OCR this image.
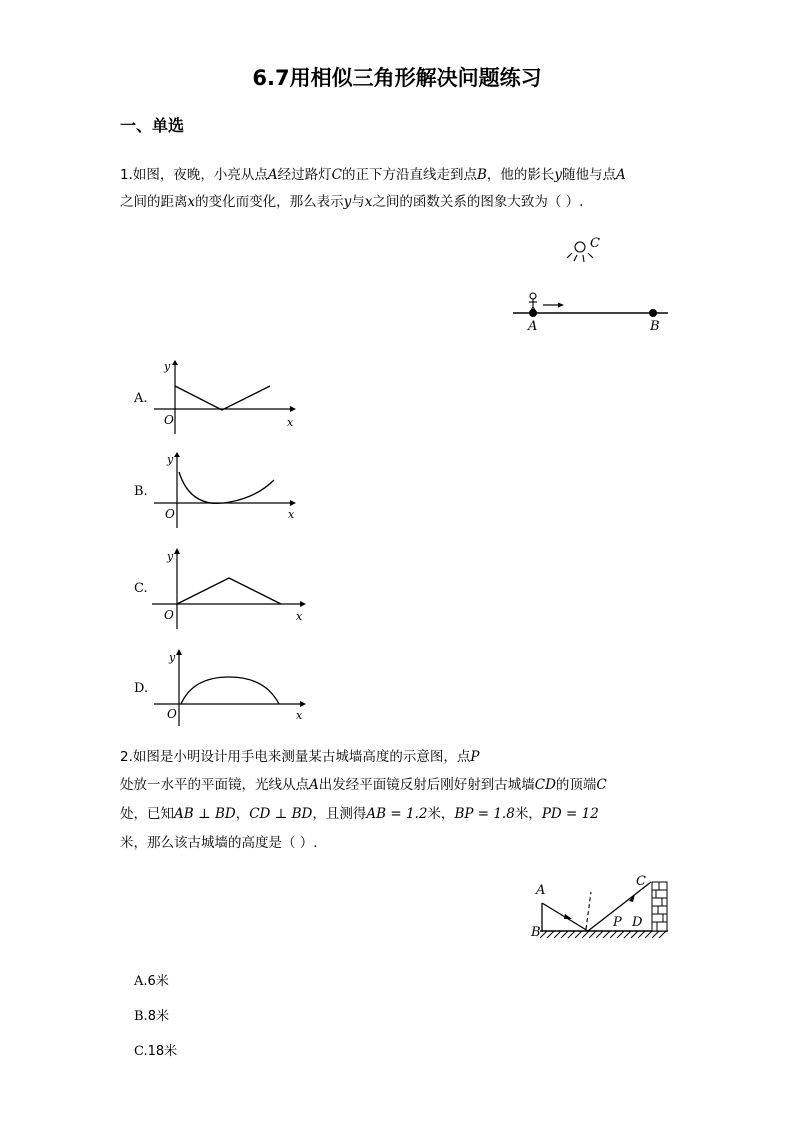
6.7用相似三角形解决问题练习
一、单选
1.如图，夜晚，小亮从点A经过路灯C的正下方沿直线走到点B，他的影长y随他与点A
之间的距离x的变化而变化，那么表示y与x之间的函数关系的图象大致为（ ）.
C
A	B
A.
y
x
O
B.
y
x
O
C.
y
x
O
D.
y
x
O
2.如图是小明设计用手电来测量某古城墙高度的示意图，点P
处放一水平的平面镜，光线从点A出发经平面镜反射后刚好射到古城墙CD的顶端C
处，已知AB ⊥ BD，CD ⊥ BD，且测得AB = 1.2米，BP = 1.8米，PD = 12
米，那么该古城墙的高度是（ ）.
A
B
C
P D
A.6米
B.8米
C.18米
